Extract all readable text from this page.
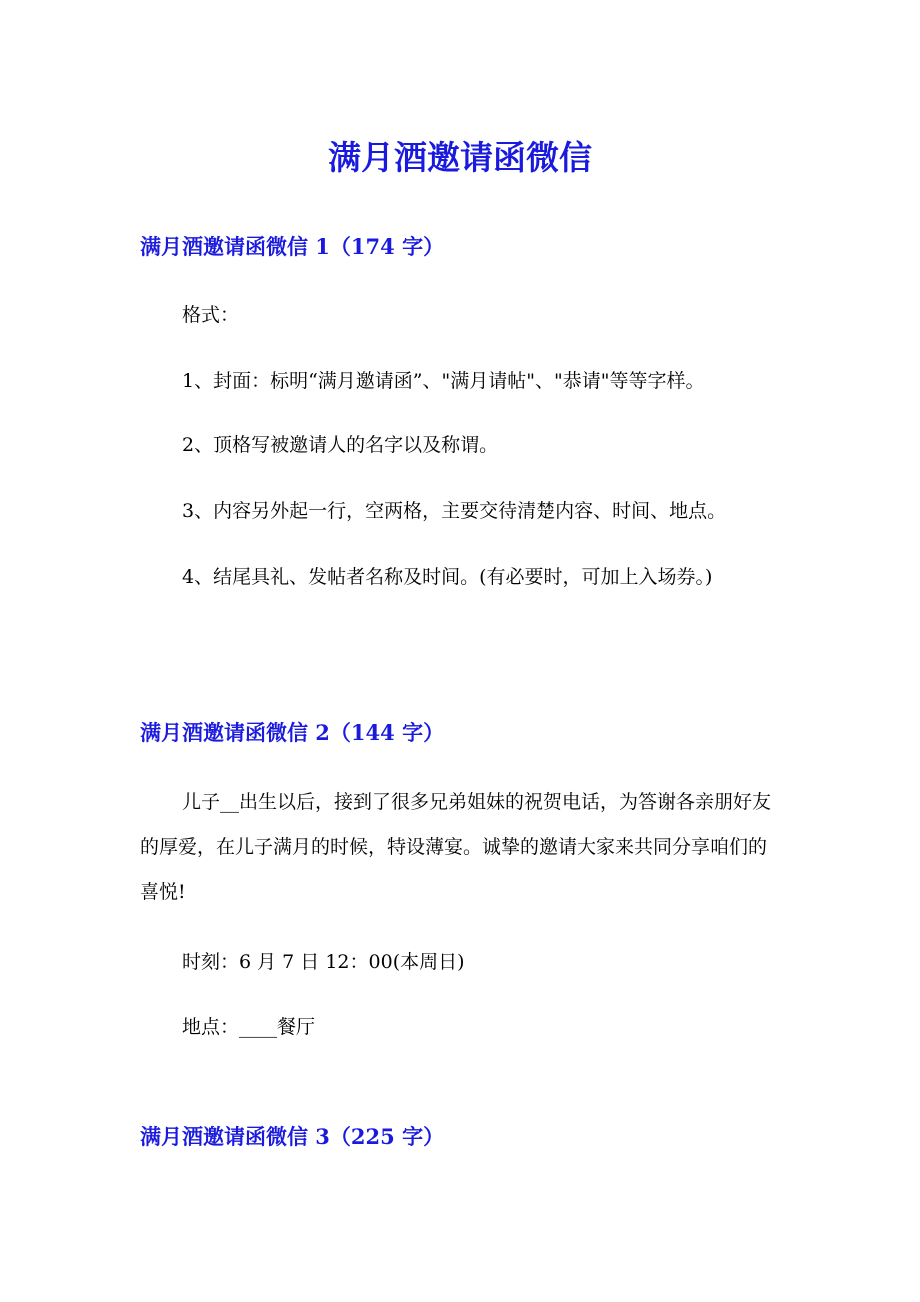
满月酒邀请函微信
满月酒邀请函微信 1（174 字）

格式：

1、封面：标明“满月邀请函”、"满月请帖"、"恭请"等等字样。

2、顶格写被邀请人的名字以及称谓。

3、内容另外起一行，空两格，主要交待清楚内容、时间、地点。

4、结尾具礼、发帖者名称及时间。(有必要时，可加上入场券。)

满月酒邀请函微信 2（144 字）

儿子__出生以后，接到了很多兄弟姐妹的祝贺电话，为答谢各亲朋好友的厚爱，在儿子满月的时候，特设薄宴。诚挚的邀请大家来共同分享咱们的喜悦!

时刻：6 月 7 日 12：00(本周日)

地点：____餐厅

满月酒邀请函微信 3（225 字）
